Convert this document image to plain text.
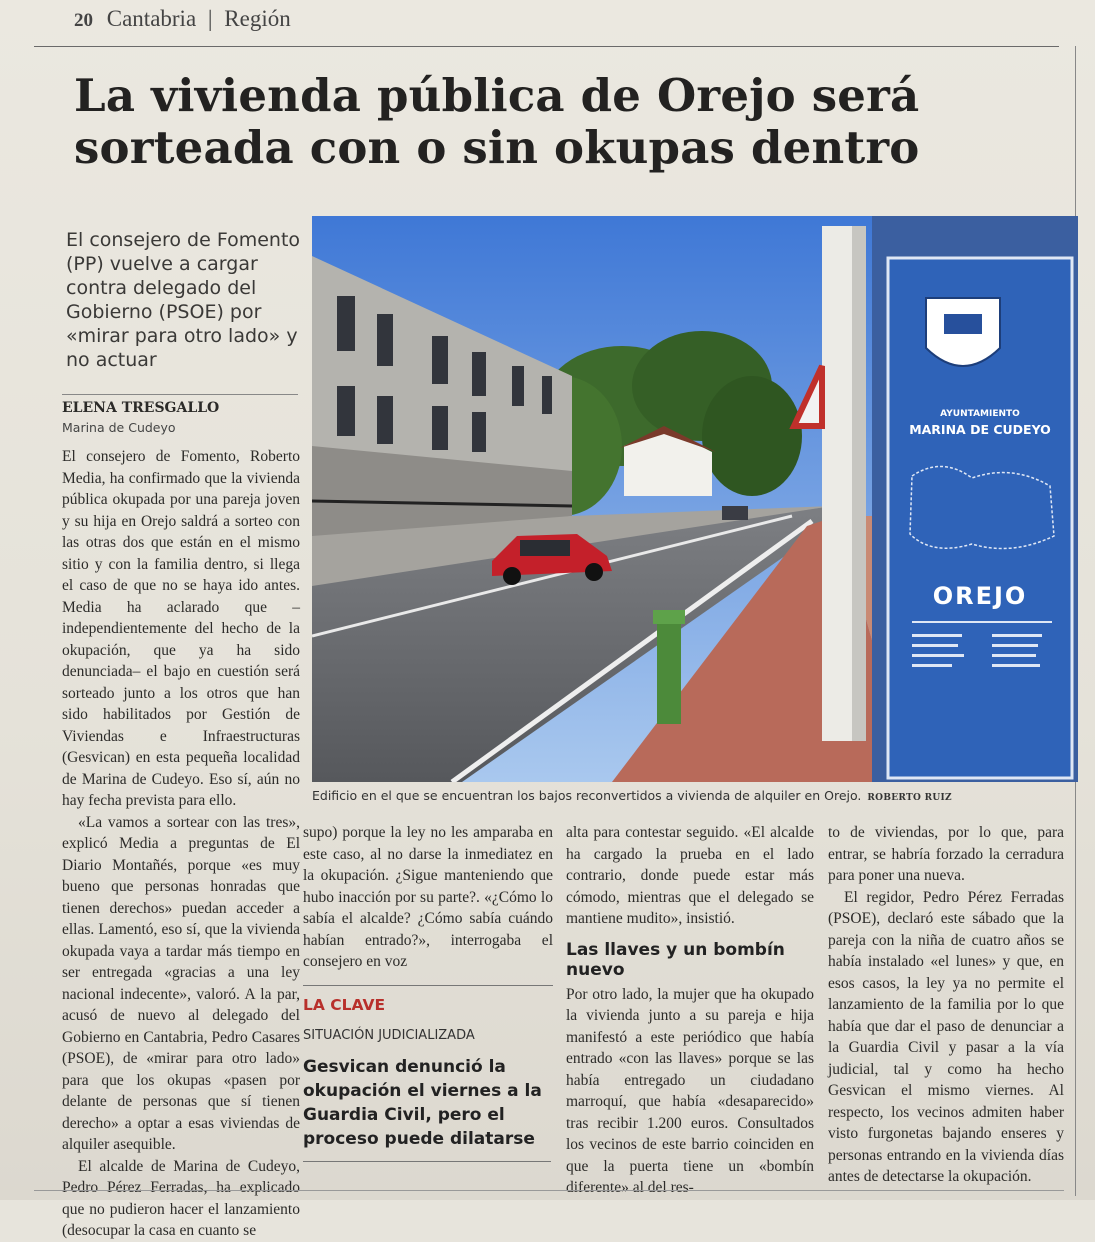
20 Cantabria | Región
La vivienda pública de Orejo será sorteada con o sin okupas dentro

El consejero de Fomento (PP) vuelve a cargar contra delegado del Gobierno (PSOE) por «mirar para otro lado» y no actuar

ELENA TRESGALLO
Marina de Cudeyo

El consejero de Fomento, Roberto Media, ha confirmado que la vivienda pública okupada por una pareja joven y su hija en Orejo saldrá a sorteo con las otras dos que están en el mismo sitio y con la familia dentro, si llega el caso de que no se haya ido antes. Media ha aclarado que –independientemente del hecho de la okupación, que ya ha sido denunciada– el bajo en cuestión será sorteado junto a los otros que han sido habilitados por Gestión de Viviendas e Infraestructuras (Gesvican) en esta pequeña localidad de Marina de Cudeyo. Eso sí, aún no hay fecha prevista para ello.

«La vamos a sortear con las tres», explicó Media a preguntas de El Diario Montañés, porque «es muy bueno que personas honradas que tienen derechos» puedan acceder a ellas. Lamentó, eso sí, que la vivienda okupada vaya a tardar más tiempo en ser entregada «gracias a una ley nacional indecente», valoró. A la par, acusó de nuevo al delegado del Gobierno en Cantabria, Pedro Casares (PSOE), de «mirar para otro lado» para que los okupas «pasen por delante de personas que sí tienen derecho» a optar a esas viviendas de alquiler asequible.

El alcalde de Marina de Cudeyo, Pedro Pérez Ferradas, ha explicado que no pudieron hacer el lanzamiento (desocupar la casa en cuanto se

AYUNTAMIENTO
MARINA DE CUDEYO
OREJO
Edificio en el que se encuentran los bajos reconvertidos a vivienda de alquiler en Orejo. ROBERTO RUIZ

supo) porque la ley no les amparaba en este caso, al no darse la inmediatez en la okupación. ¿Sigue manteniendo que hubo inacción por su parte?. «¿Cómo lo sabía el alcalde? ¿Cómo sabía cuándo habían entrado?», interrogaba el consejero en voz

LA CLAVE
SITUACIÓN JUDICIALIZADA

Gesvican denunció la okupación el viernes a la Guardia Civil, pero el proceso puede dilatarse

alta para contestar seguido. «El alcalde ha cargado la prueba en el lado contrario, donde puede estar más cómodo, mientras que el delegado se mantiene mudito», insistió.

Las llaves y un bombín nuevo

Por otro lado, la mujer que ha okupado la vivienda junto a su pareja e hija manifestó a este periódico que había entrado «con las llaves» porque se las había entregado un ciudadano marroquí, que había «desaparecido» tras recibir 1.200 euros. Consultados los vecinos de este barrio coinciden en que la puerta tiene un «bombín diferente» al del res-

to de viviendas, por lo que, para entrar, se habría forzado la cerradura para poner una nueva.

El regidor, Pedro Pérez Ferradas (PSOE), declaró este sábado que la pareja con la niña de cuatro años se había instalado «el lunes» y que, en esos casos, la ley ya no permite el lanzamiento de la familia por lo que había que dar el paso de denunciar a la Guardia Civil y pasar a la vía judicial, tal y como ha hecho Gesvican el mismo viernes. Al respecto, los vecinos admiten haber visto furgonetas bajando enseres y personas entrando en la vivienda días antes de detectarse la okupación.
